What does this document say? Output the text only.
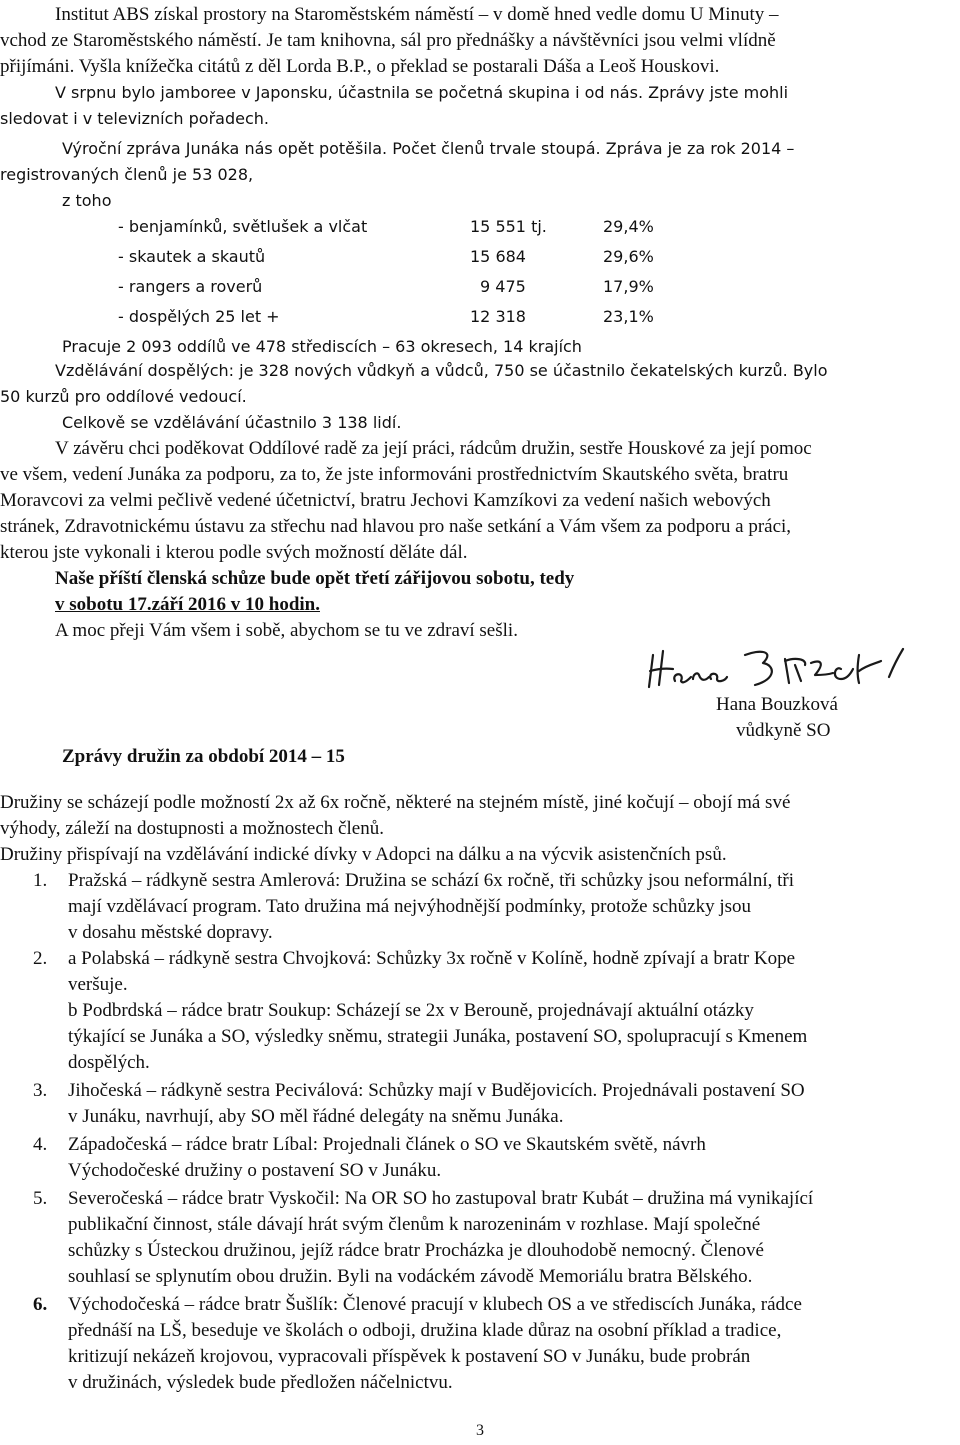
Institut ABS získal prostory na Staroměstském náměstí – v domě hned vedle domu U Minuty –
vchod ze Staroměstského náměstí. Je tam knihovna, sál pro přednášky a návštěvníci jsou velmi vlídně
přijímáni. Vyšla knížečka citátů z děl Lorda B.P., o překlad se postarali Dáša a Leoš Houskovi.
V srpnu bylo jamboree v Japonsku, účastnila se početná skupina i od nás. Zprávy jste mohli
sledovat i v televizních pořadech.
Výroční zpráva Junáka nás opět potěšila. Počet členů trvale stoupá. Zpráva je za rok 2014 –
registrovaných členů je 53 028,
z toho
- benjamínků, světlušek a vlčat	15 551 tj.	29,4%
- skautek a skautů	15 684	29,6%
- rangers a roverů	9 475	17,9%
- dospělých 25 let +	12 318	23,1%
Pracuje 2 093 oddílů ve 478 střediscích – 63 okresech, 14 krajích
Vzdělávání dospělých: je 328 nových vůdkyň a vůdců, 750 se účastnilo čekatelských kurzů. Bylo
50 kurzů pro oddílové vedoucí.
Celkově se vzdělávání účastnilo 3 138 lidí.
V závěru chci poděkovat Oddílové radě za její práci, rádcům družin, sestře Houskové za její pomoc
ve všem, vedení Junáka za podporu, za to, že jste informováni prostřednictvím Skautského světa, bratru
Moravcovi za velmi pečlivě vedené účetnictví, bratru Jechovi Kamzíkovi za vedení našich webových
stránek, Zdravotnickému ústavu za střechu nad hlavou pro naše setkání a Vám všem za podporu a práci,
kterou jste vykonali i kterou podle svých možností děláte dál.
Naše příští členská schůze bude opět třetí zářijovou sobotu, tedy
v sobotu 17.září 2016 v 10 hodin.
A moc přeji Vám všem i sobě, abychom se tu ve zdraví sešli.
Hana Bouzková
vůdkyně SO
Zprávy družin za období 2014 – 15
Družiny se scházejí podle možností 2x až 6x ročně, některé na stejném místě, jiné kočují – obojí má své
výhody, záleží na dostupnosti a možnostech členů.
Družiny přispívají na vzdělávání indické dívky v Adopci na dálku a na výcvik asistenčních psů.
1. Pražská – rádkyně sestra Amlerová: Družina se schází 6x ročně, tři schůzky jsou neformální, tři
mají vzdělávací program. Tato družina má nejvýhodnější podmínky, protože schůzky jsou
v dosahu městské dopravy.
2. a Polabská – rádkyně sestra Chvojková: Schůzky 3x ročně v Kolíně, hodně zpívají a bratr Kope
veršuje.
b Podbrdská – rádce bratr Soukup: Scházejí se 2x v Berouně, projednávají aktuální otázky
týkající se Junáka a SO, výsledky sněmu, strategii Junáka, postavení SO, spolupracují s Kmenem
dospělých.
3. Jihočeská – rádkyně sestra Peciválová: Schůzky mají v Budějovicích. Projednávali postavení SO
v Junáku, navrhují, aby SO měl řádné delegáty na sněmu Junáka.
4. Západočeská – rádce bratr Líbal: Projednali článek o SO ve Skautském světě, návrh
Východočeské družiny o postavení SO v Junáku.
5. Severočeská – rádce bratr Vyskočil: Na OR SO ho zastupoval bratr Kubát – družina má vynikající
publikační činnost, stále dávají hrát svým členům k narozeninám v rozhlase. Mají společné
schůzky s Ústeckou družinou, jejíž rádce bratr Procházka je dlouhodobě nemocný. Členové
souhlasí se splynutím obou družin. Byli na vodáckém závodě Memoriálu bratra Bělského.
6. Východočeská – rádce bratr Šušlík: Členové pracují v klubech OS a ve střediscích Junáka, rádce
přednáší na LŠ, beseduje ve školách o odboji, družina klade důraz na osobní příklad a tradice,
kritizují nekázeň krojovou, vypracovali příspěvek k postavení SO v Junáku, bude probrán
v družinách, výsledek bude předložen náčelnictvu.
3
